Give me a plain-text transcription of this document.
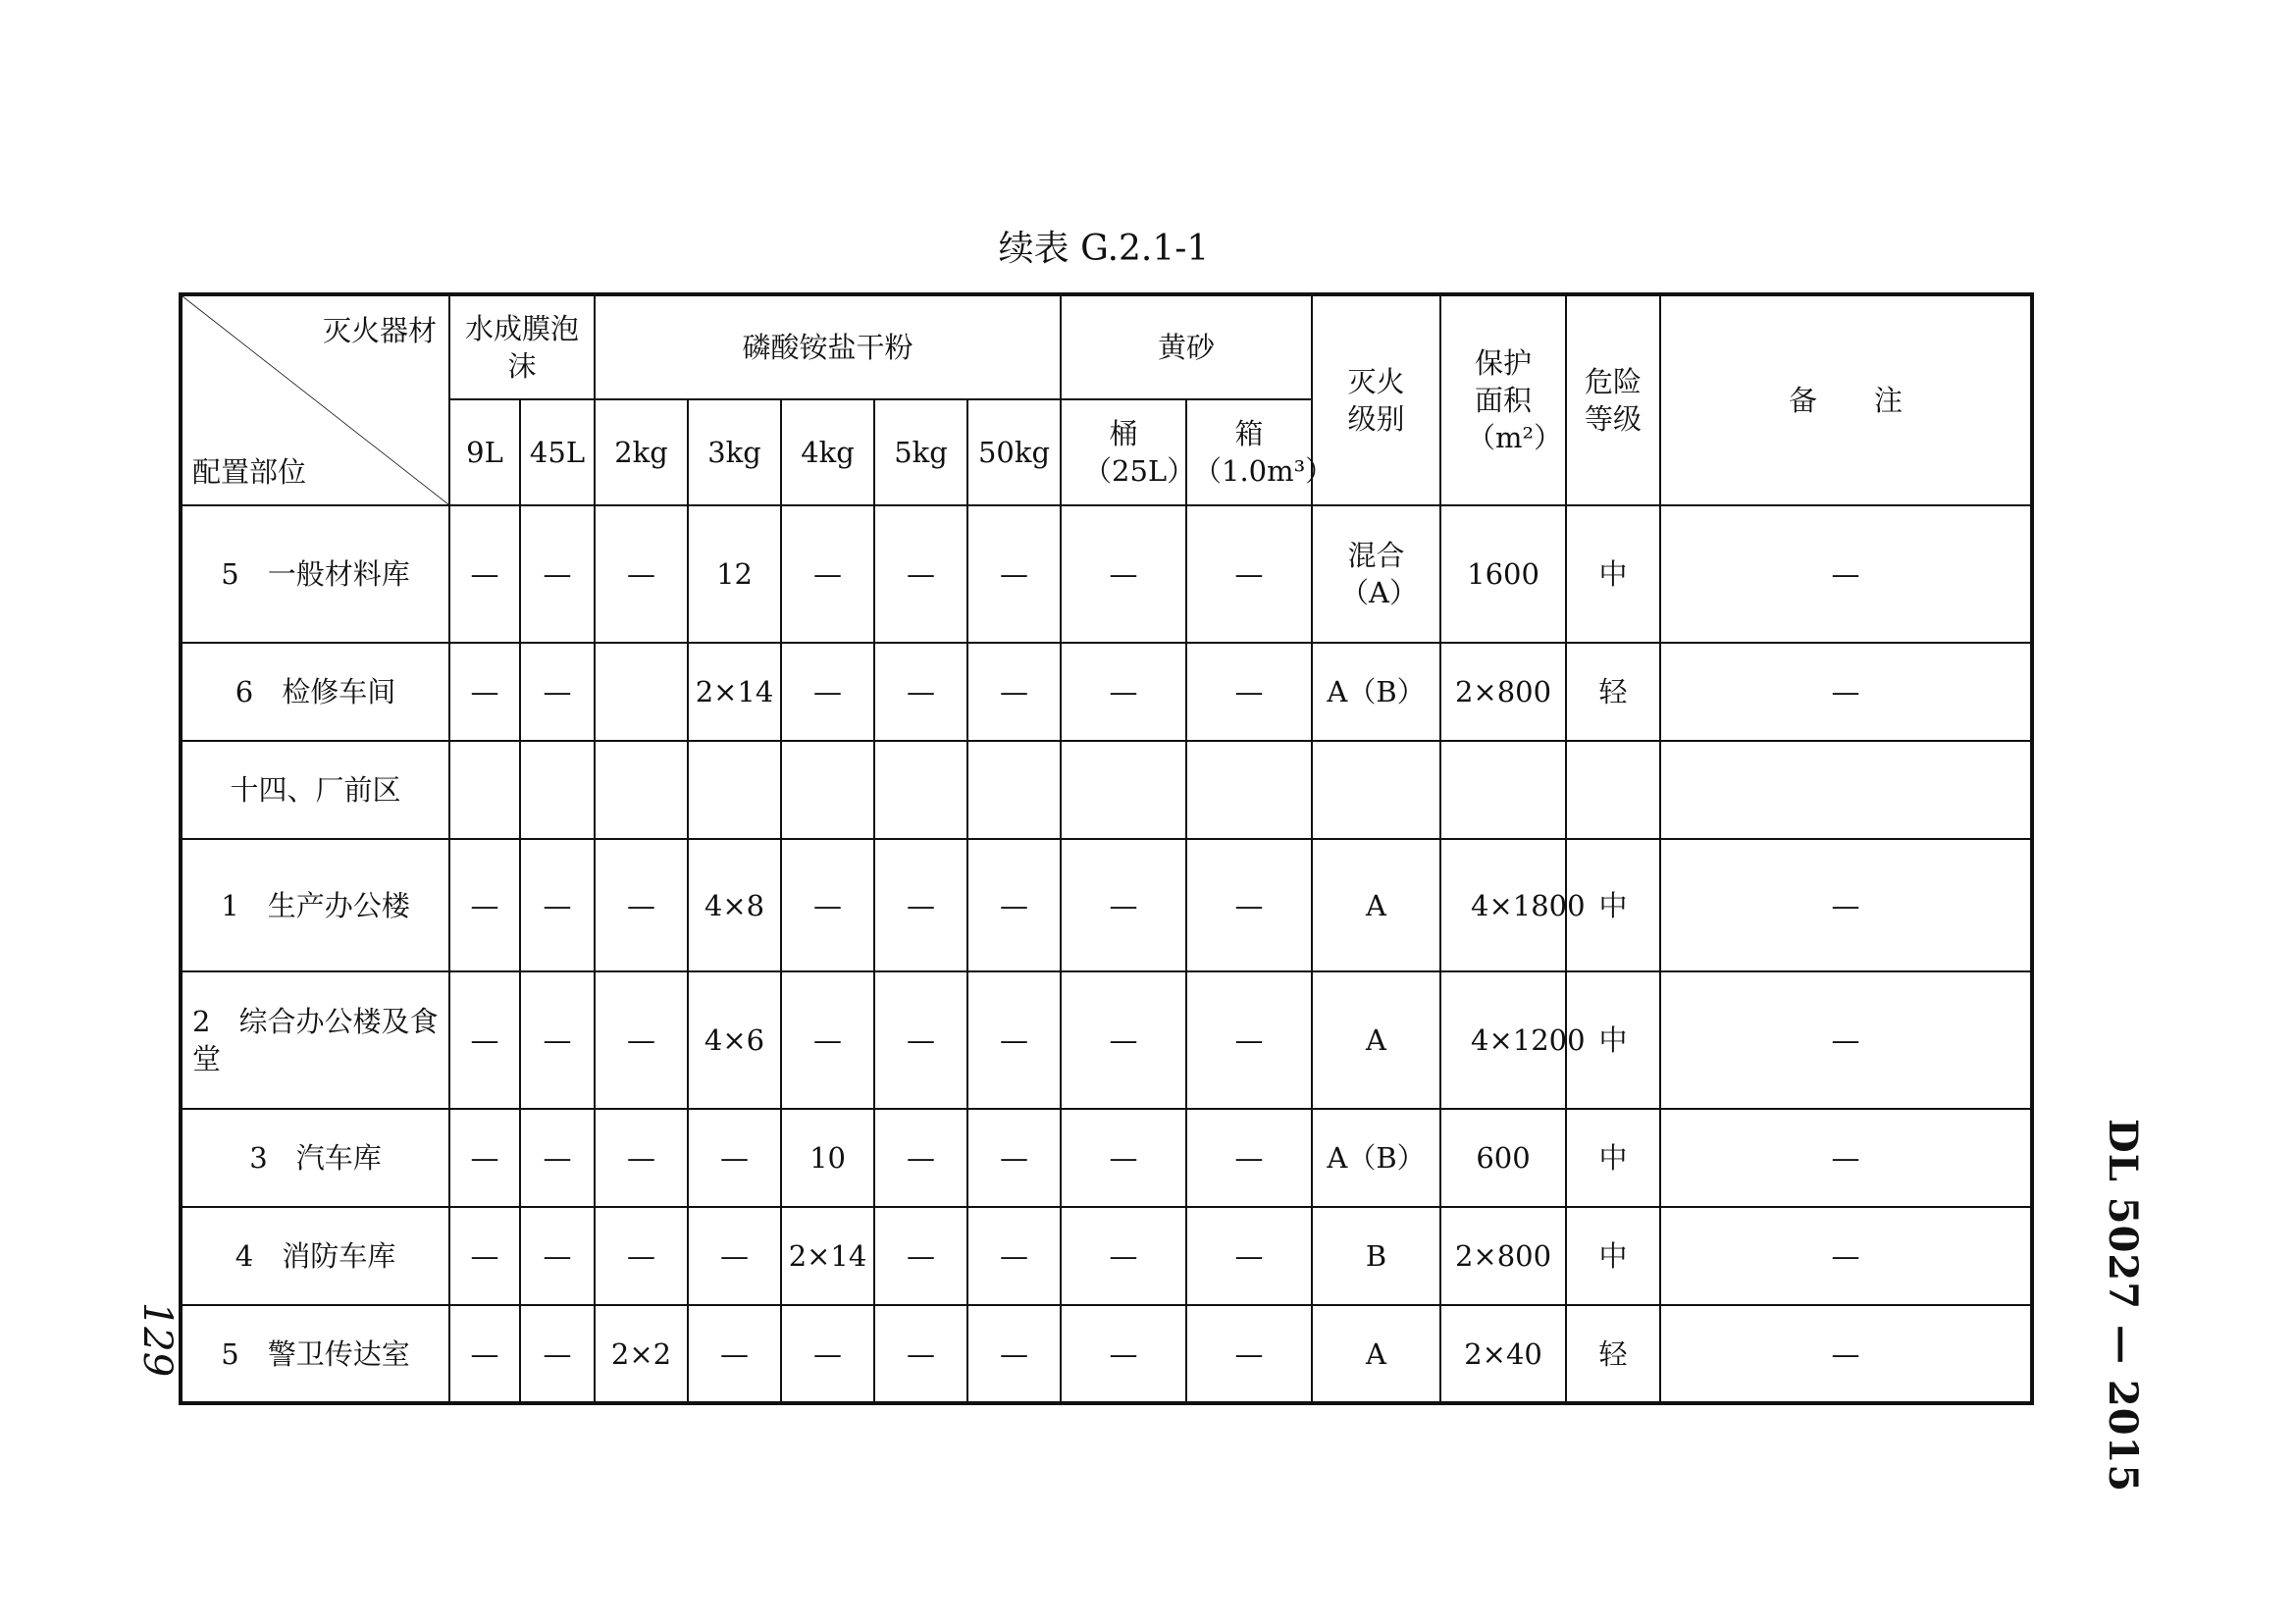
续表 G.2.1-1
灭火器材
配置部位	水成膜泡沫		磷酸铵盐干粉					黄砂		灭火级别	保护面积（m²）	危险等级	备　　注
	9L	45L	2kg	3kg	4kg	5kg	50kg	桶（25L）	箱（1.0m³）				
5　一般材料库	—	—	—	12	—	—	—	—	—	混合（A）	1600	中	—
6　检修车间	—	—		2×14	—	—	—	—	—	A（B）	2×800	轻	—
十四、厂前区													
1　生产办公楼	—	—	—	4×8	—	—	—	—	—	A	4×1800	中	—
2　综合办公楼及食堂	—	—	—	4×6	—	—	—	—	—	A	4×1200	中	—
3　汽车库	—	—	—	—	10	—	—	—	—	A（B）	600	中	—
4　消防车库	—	—	—	—	2×14	—	—	—	—	B	2×800	中	—
5　警卫传达室	—	—	2×2	—	—	—	—	—	—	A	2×40	轻	—	DL 5027 — 2015
129
